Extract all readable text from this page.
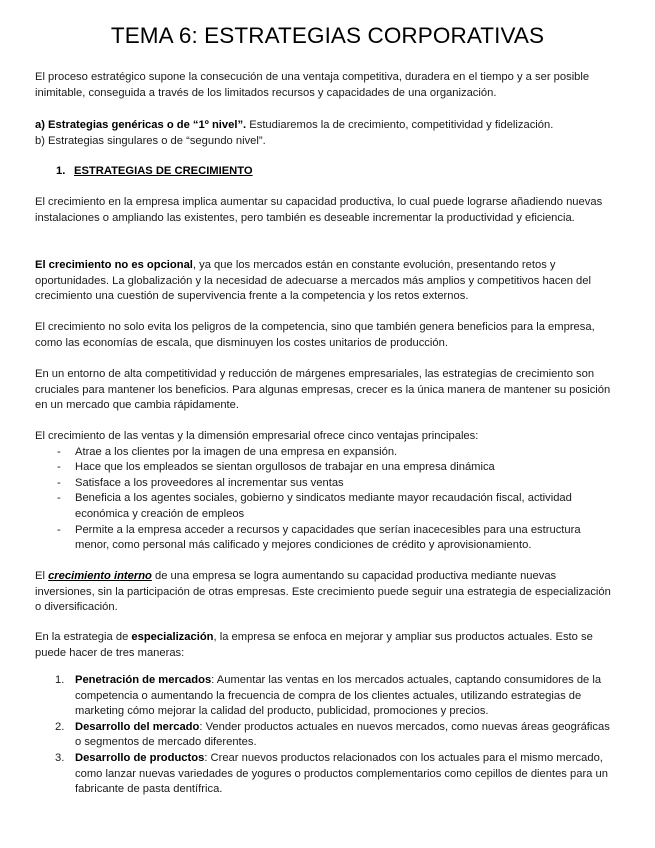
TEMA 6: ESTRATEGIAS CORPORATIVAS

El proceso estratégico supone la consecución de una ventaja competitiva, duradera en el tiempo y a ser posible inimitable, conseguida a través de los limitados recursos y capacidades de una organización.

a) Estrategias genéricas o de “1º nivel”. Estudiaremos la de crecimiento, competitividad y fidelización.

b) Estrategias singulares o de “segundo nivel”.

1. ESTRATEGIAS DE CRECIMIENTO

El crecimiento en la empresa implica aumentar su capacidad productiva, lo cual puede lograrse añadiendo nuevas instalaciones o ampliando las existentes, pero también es deseable incrementar la productividad y eficiencia.

El crecimiento no es opcional, ya que los mercados están en constante evolución, presentando retos y oportunidades. La globalización y la necesidad de adecuarse a mercados más amplios y competitivos hacen del crecimiento una cuestión de supervivencia frente a la competencia y los retos externos.

El crecimiento no solo evita los peligros de la competencia, sino que también genera beneficios para la empresa, como las economías de escala, que disminuyen los costes unitarios de producción.

En un entorno de alta competitividad y reducción de márgenes empresariales, las estrategias de crecimiento son cruciales para mantener los beneficios. Para algunas empresas, crecer es la única manera de mantener su posición en un mercado que cambia rápidamente.

El crecimiento de las ventas y la dimensión empresarial ofrece cinco ventajas principales:

- Atrae a los clientes por la imagen de una empresa en expansión.
- Hace que los empleados se sientan orgullosos de trabajar en una empresa dinámica
- Satisface a los proveedores al incrementar sus ventas
- Beneficia a los agentes sociales, gobierno y sindicatos mediante mayor recaudación fiscal, actividad económica y creación de empleos
- Permite a la empresa acceder a recursos y capacidades que serían inacecesibles para una estructura menor, como personal más calificado y mejores condiciones de crédito y aprovisionamiento.

El crecimiento interno de una empresa se logra aumentando su capacidad productiva mediante nuevas inversiones, sin la participación de otras empresas. Este crecimiento puede seguir una estrategia de especialización o diversificación.

En la estrategia de especialización, la empresa se enfoca en mejorar y ampliar sus productos actuales. Esto se puede hacer de tres maneras:

1. Penetración de mercados: Aumentar las ventas en los mercados actuales, captando consumidores de la competencia o aumentando la frecuencia de compra de los clientes actuales, utilizando estrategias de marketing cómo mejorar la calidad del producto, publicidad, promociones y precios.
2. Desarrollo del mercado: Vender productos actuales en nuevos mercados, como nuevas áreas geográficas o segmentos de mercado diferentes.
3. Desarrollo de productos: Crear nuevos productos relacionados con los actuales para el mismo mercado, como lanzar nuevas variedades de yogures o productos complementarios como cepillos de dientes para un fabricante de pasta dentífrica.
